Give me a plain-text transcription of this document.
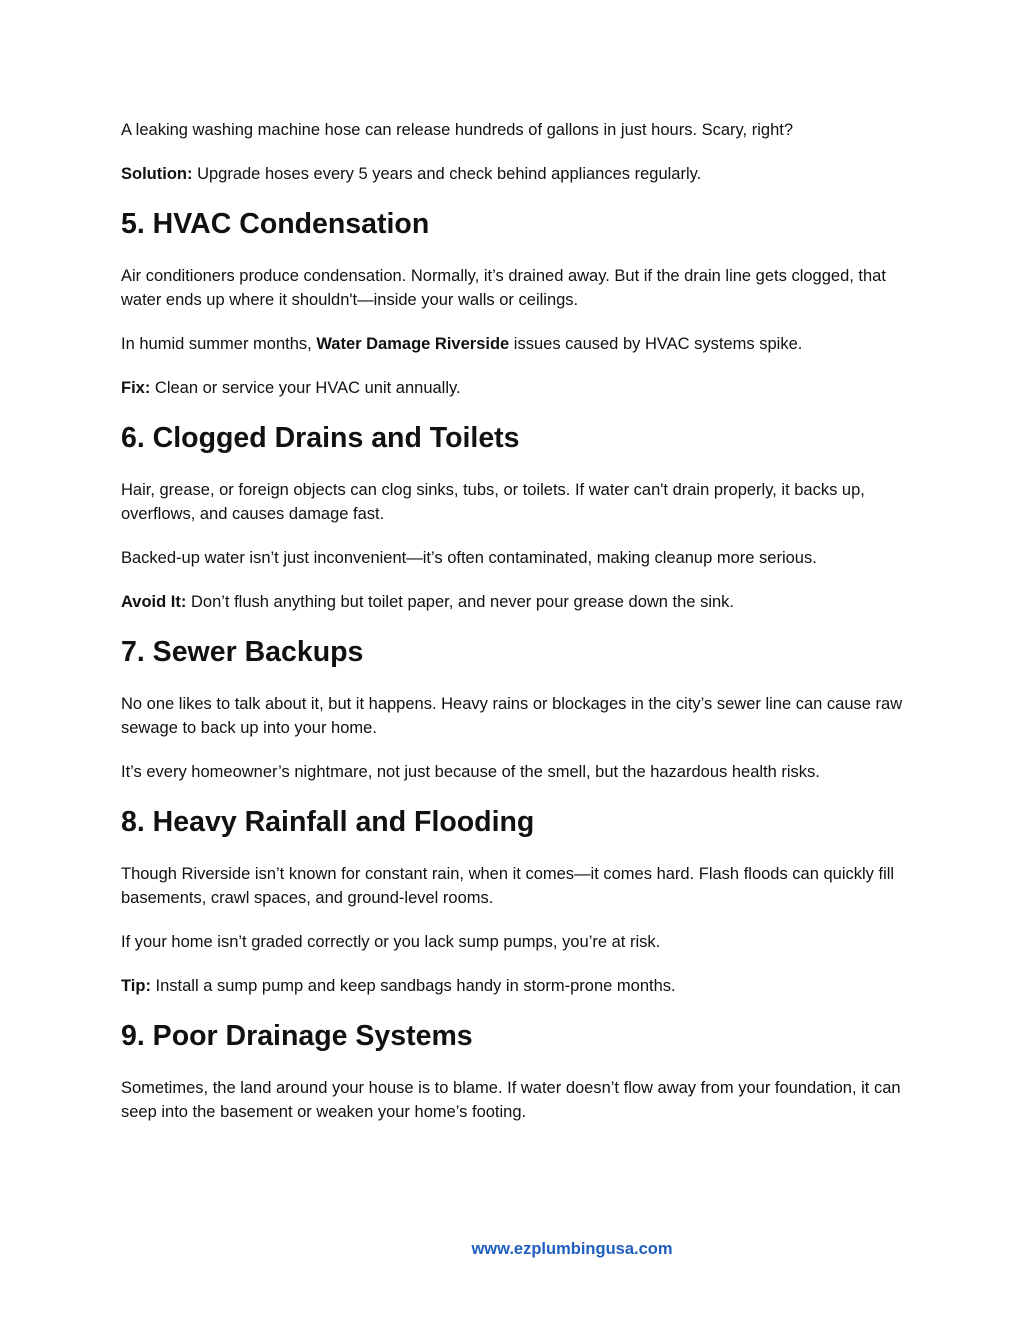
A leaking washing machine hose can release hundreds of gallons in just hours. Scary, right?

Solution: Upgrade hoses every 5 years and check behind appliances regularly.

5. HVAC Condensation

Air conditioners produce condensation. Normally, it’s drained away. But if the drain line gets clogged, that water ends up where it shouldn't—inside your walls or ceilings.

In humid summer months, Water Damage Riverside issues caused by HVAC systems spike.

Fix: Clean or service your HVAC unit annually.

6. Clogged Drains and Toilets

Hair, grease, or foreign objects can clog sinks, tubs, or toilets. If water can't drain properly, it backs up, overflows, and causes damage fast.

Backed-up water isn’t just inconvenient—it’s often contaminated, making cleanup more serious.

Avoid It: Don’t flush anything but toilet paper, and never pour grease down the sink.

7. Sewer Backups

No one likes to talk about it, but it happens. Heavy rains or blockages in the city’s sewer line can cause raw sewage to back up into your home.

It’s every homeowner’s nightmare, not just because of the smell, but the hazardous health risks.

8. Heavy Rainfall and Flooding

Though Riverside isn’t known for constant rain, when it comes—it comes hard. Flash floods can quickly fill basements, crawl spaces, and ground-level rooms.

If your home isn’t graded correctly or you lack sump pumps, you’re at risk.

Tip: Install a sump pump and keep sandbags handy in storm-prone months.

9. Poor Drainage Systems

Sometimes, the land around your house is to blame. If water doesn’t flow away from your foundation, it can seep into the basement or weaken your home’s footing.

www.ezplumbingusa.com
